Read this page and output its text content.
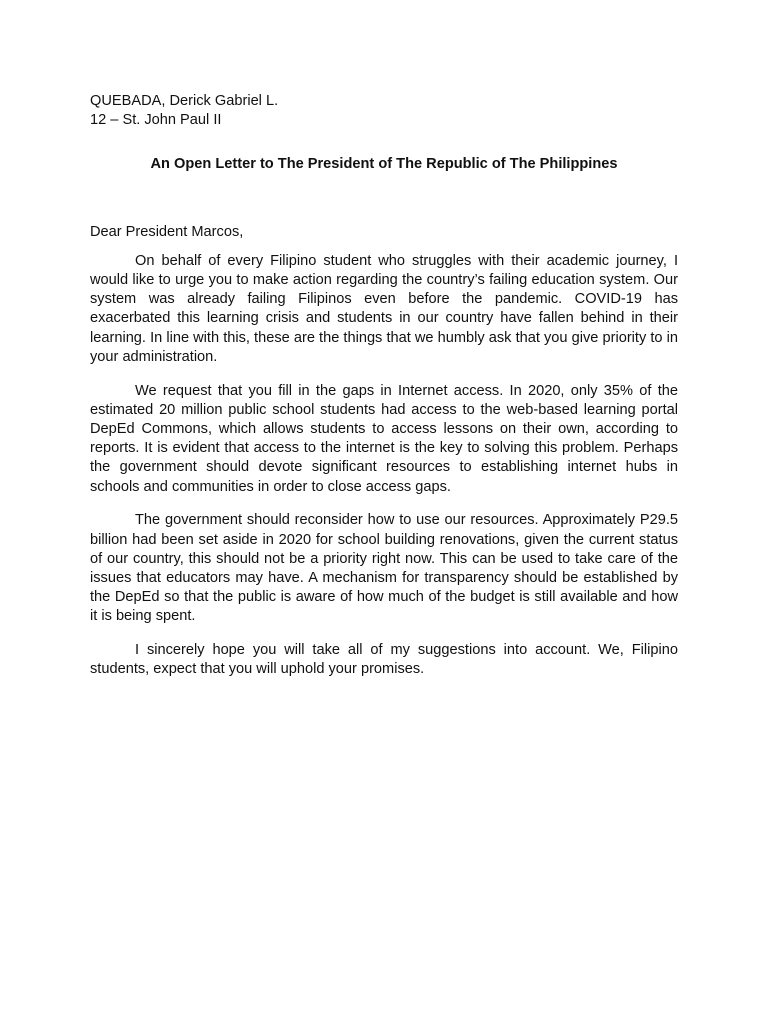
QUEBADA, Derick Gabriel L.
12 – St. John Paul II
An Open Letter to The President of The Republic of The Philippines
Dear President Marcos,

On behalf of every Filipino student who struggles with their academic journey, I would like to urge you to make action regarding the country’s failing education system. Our system was already failing Filipinos even before the pandemic. COVID-19 has exacerbated this learning crisis and students in our country have fallen behind in their learning. In line with this, these are the things that we humbly ask that you give priority to in your administration.

We request that you fill in the gaps in Internet access. In 2020, only 35% of the estimated 20 million public school students had access to the web-based learning portal DepEd Commons, which allows students to access lessons on their own, according to reports. It is evident that access to the internet is the key to solving this problem. Perhaps the government should devote significant resources to establishing internet hubs in schools and communities in order to close access gaps.

The government should reconsider how to use our resources. Approximately P29.5 billion had been set aside in 2020 for school building renovations, given the current status of our country, this should not be a priority right now. This can be used to take care of the issues that educators may have. A mechanism for transparency should be established by the DepEd so that the public is aware of how much of the budget is still available and how it is being spent.

I sincerely hope you will take all of my suggestions into account. We, Filipino students, expect that you will uphold your promises.
